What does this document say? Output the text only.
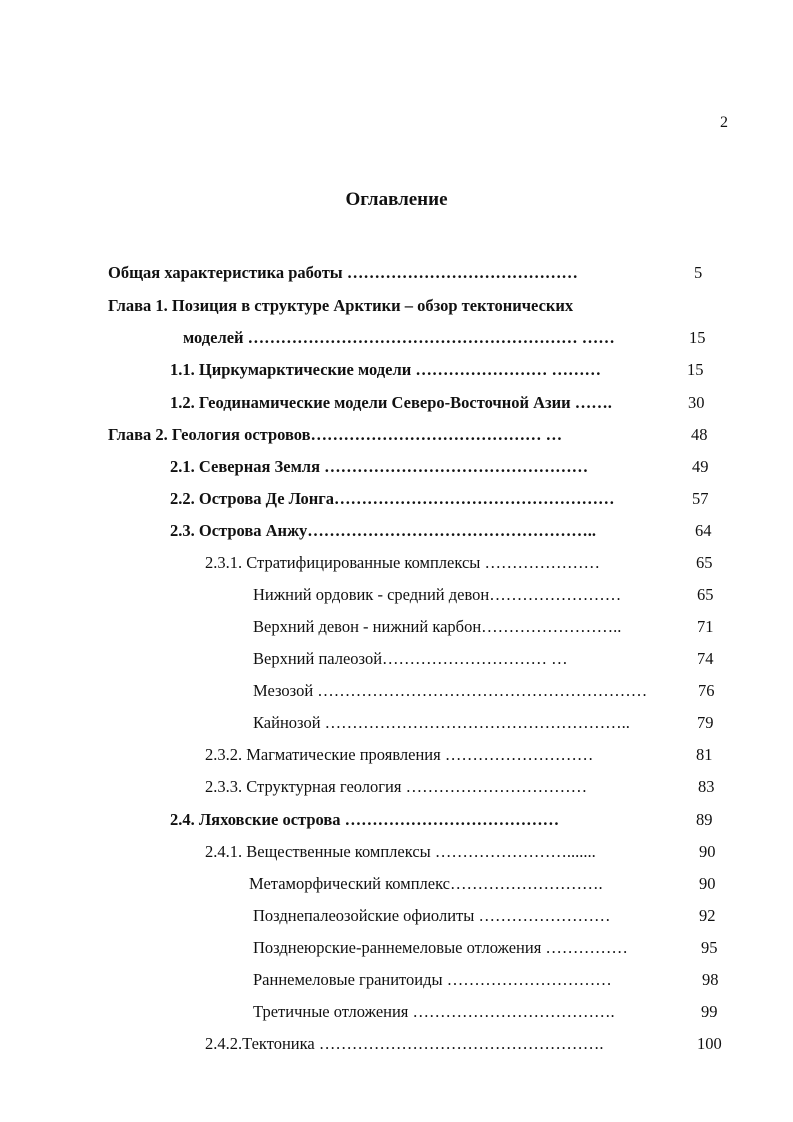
2
Оглавление
Общая характеристика работы ……………………………………	5
Глава 1. Позиция в структуре Арктики – обзор тектонических
моделей …………………………………………………… ……	15
1.1. Циркумарктические модели …………………… ………	15
1.2. Геодинамические модели Северо-Восточной Азии …….	30
Глава 2. Геология островов…………………………………… …	48
2.1. Северная Земля …………………………………………	49
2.2. Острова Де Лонга……………………………………………	57
2.3. Острова Анжу……………………………………………..	64
2.3.1. Стратифицированные комплексы …………………	65
Нижний ордовик - средний девон……………………	65
Верхний девон - нижний карбон……………………..	71
Верхний палеозой………………………… …	74
Мезозой ……………………………………………………	76
Кайнозой ………………………………………………..	79
2.3.2. Магматические проявления ………………………	81
2.3.3. Структурная геология ……………………………	83
2.4. Ляховские острова …………………………………	89
2.4.1. Вещественные комплексы …………………….......	90
Метаморфический комплекс……………………….	90
Позднепалеозойские офиолиты ……………………	92
Позднеюрские-раннемеловые отложения ……………	95
Раннемеловые гранитоиды …………………………	98
Третичные отложения ……………………………….	99
2.4.2.Тектоника …………………………………………….	100
